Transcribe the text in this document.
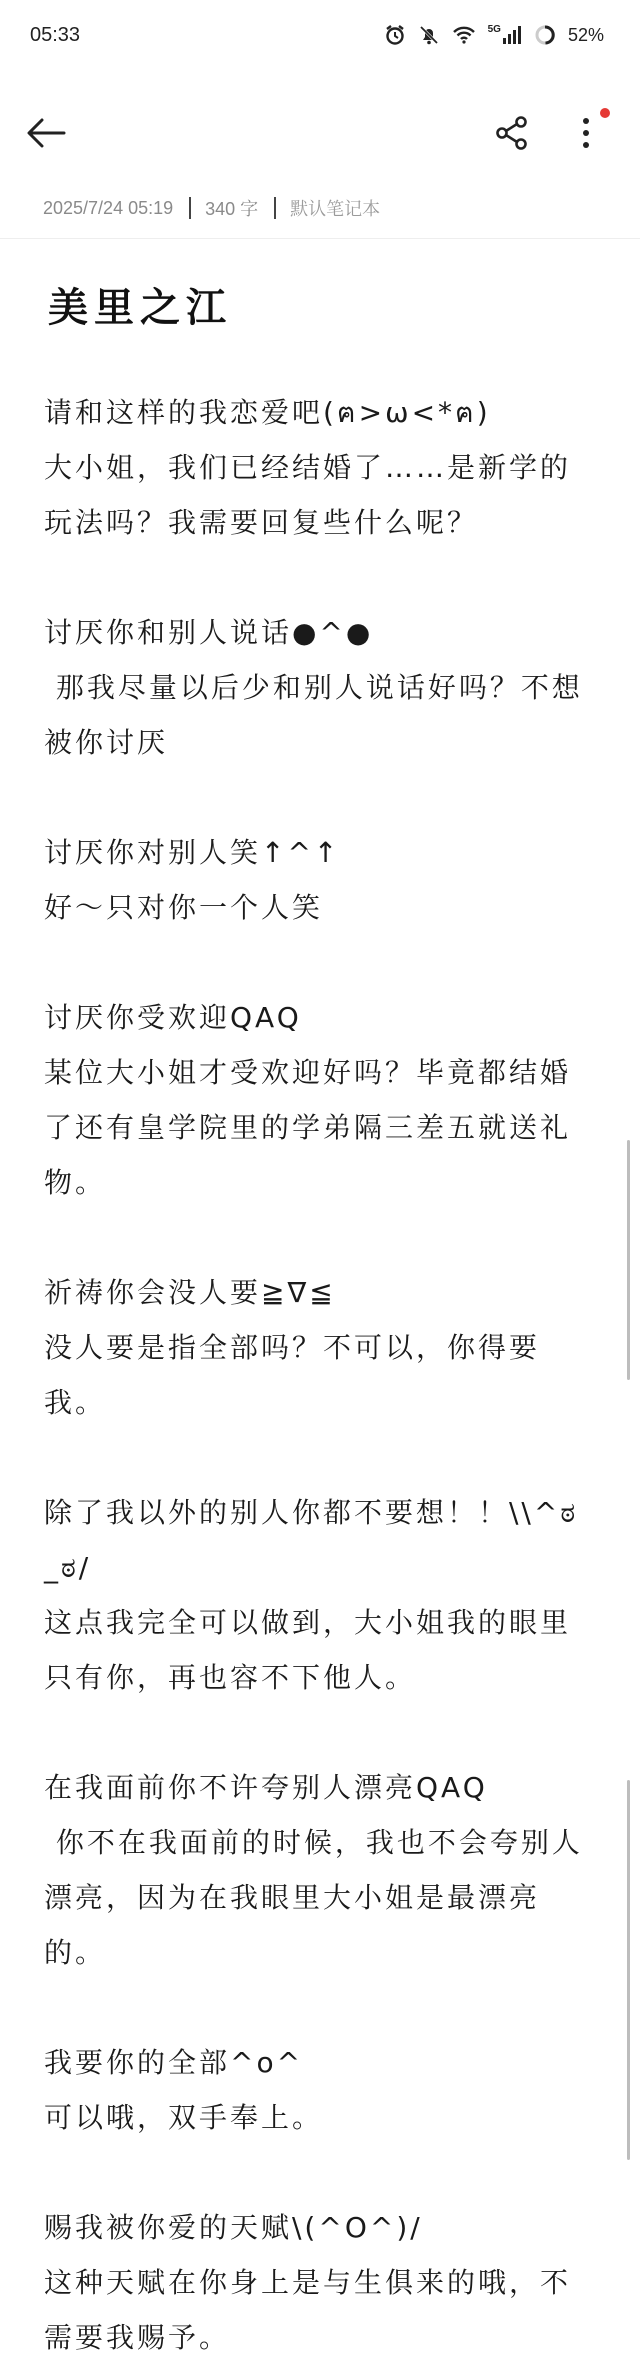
05:33	5G	52%
2025/7/24 05:19 340 字 默认笔记本
美里之江
请和这样的我恋爱吧(ฅ>ω<*ฅ)
大小姐，我们已经结婚了……是新学的
玩法吗？我需要回复些什么呢？
讨厌你和别人说话●^●
那我尽量以后少和别人说话好吗？不想
被你讨厌
讨厌你对别人笑↑^↑
好～只对你一个人笑
讨厌你受欢迎QAQ
某位大小姐才受欢迎好吗？毕竟都结婚
了还有皇学院里的学弟隔三差五就送礼
物。
祈祷你会没人要≧∇≦
没人要是指全部吗？不可以，你得要
我。
除了我以外的别人你都不要想！！\\^ಠ_ಠ/
这点我完全可以做到，大小姐我的眼里
只有你，再也容不下他人。
在我面前你不许夸别人漂亮QAQ
你不在我面前的时候，我也不会夸别人
漂亮，因为在我眼里大小姐是最漂亮
的。
我要你的全部^o^
可以哦，双手奉上。
赐我被你爱的天赋\(^O^)/
这种天赋在你身上是与生俱来的哦，不
需要我赐予。
